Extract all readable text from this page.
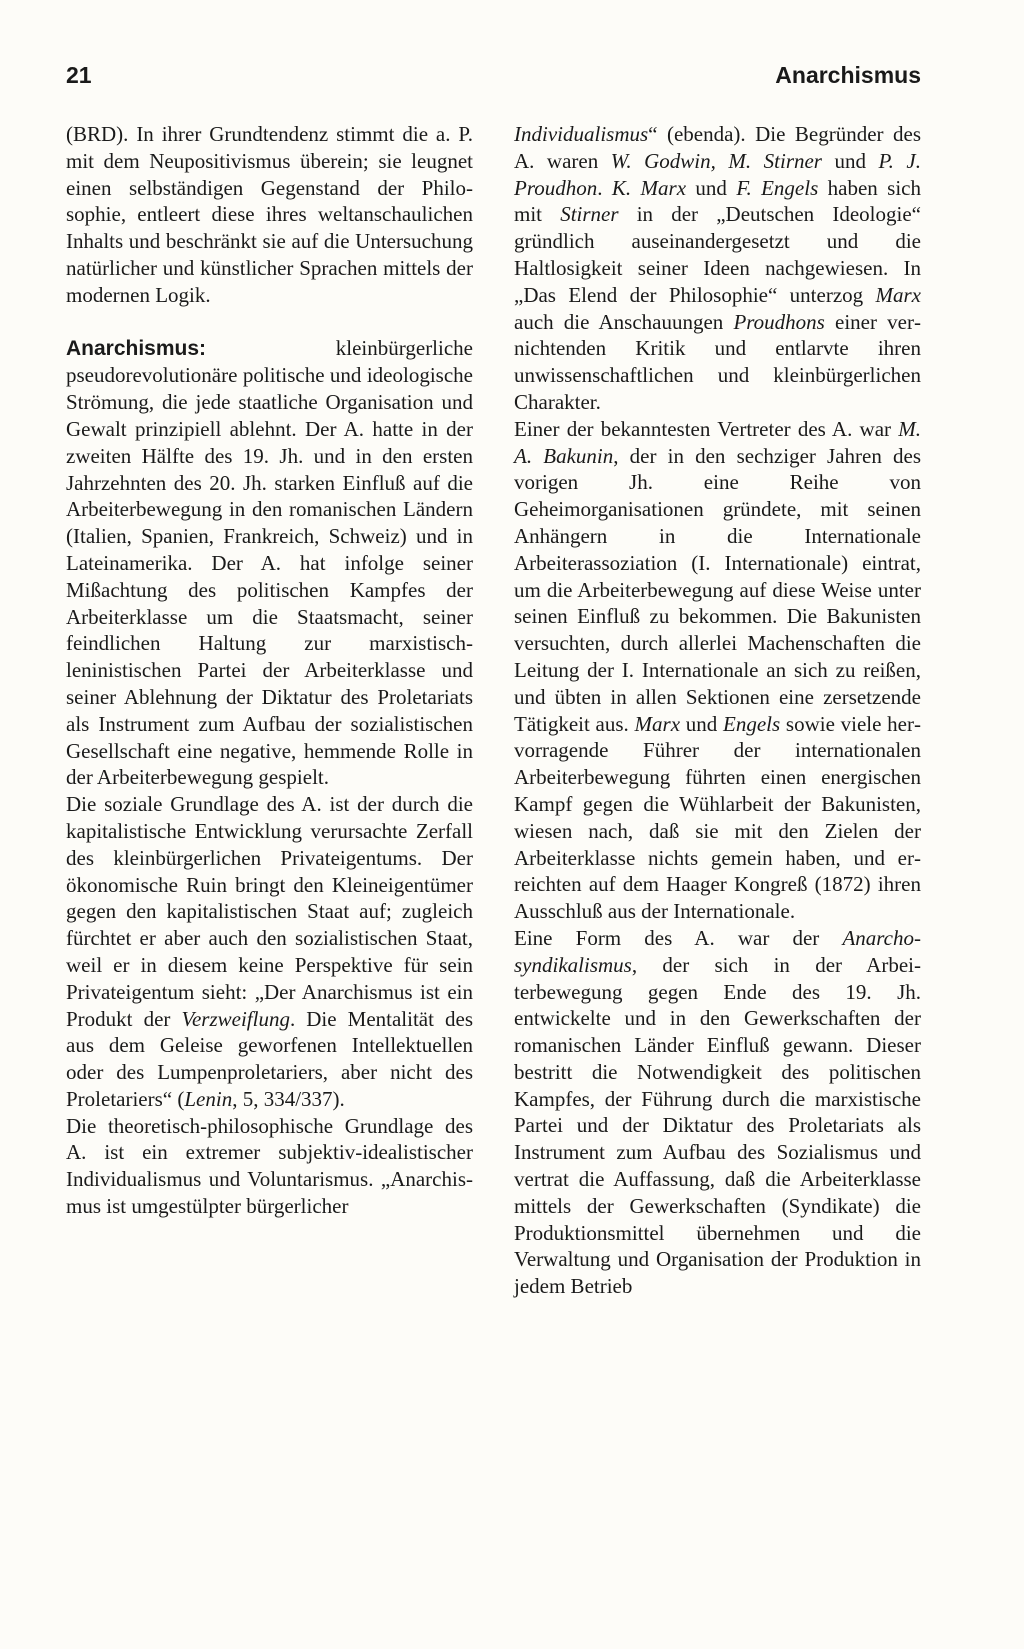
21	Anarchismus

(BRD). In ihrer Grundtendenz stimmt die a. P. mit dem Neupositivismus überein; sie leugnet einen selbständigen Gegenstand der Philosophie, entleert diese ihres weltanschaulichen Inhalts und beschränkt sie auf die Untersuchung natürlicher und künstlicher Sprachen mittels der modernen Logik.

Anarchismus: kleinbürgerliche pseudorevolutionäre politische und ideologische Strömung, die jede staatliche Organisation und Gewalt prinzipiell ablehnt. Der A. hatte in der zweiten Hälfte des 19. Jh. und in den ersten Jahrzehnten des 20. Jh. starken Einfluß auf die Arbeiterbewegung in den romanischen Ländern (Italien, Spanien, Frankreich, Schweiz) und in Lateinamerika. Der A. hat infolge seiner Mißachtung des politischen Kampfes der Arbeiterklasse um die Staatsmacht, seiner feindlichen Haltung zur marxistisch-leninistischen Partei der Arbeiterklasse und seiner Ablehnung der Diktatur des Proletariats als Instrument zum Aufbau der sozialistischen Gesellschaft eine negative, hemmende Rolle in der Arbeiterbewegung gespielt.

Die soziale Grundlage des A. ist der durch die kapitalistische Entwicklung verursachte Zerfall des kleinbürgerlichen Privateigentums. Der ökonomische Ruin bringt den Kleineigentümer gegen den kapitalistischen Staat auf; zugleich fürchtet er aber auch den sozialistischen Staat, weil er in diesem keine Perspektive für sein Privateigentum sieht: „Der Anarchismus ist ein Produkt der Verzweiflung. Die Mentalität des aus dem Geleise geworfenen Intellektuellen oder des Lumpenproletariers, aber nicht des Proletariers“ (Lenin, 5, 334/337).

Die theoretisch-philosophische Grundlage des A. ist ein extremer subjektiv-idealistischer Individualismus und Voluntarismus. „Anarchismus ist umgestülpter bürgerlicher

Individualismus“ (ebenda). Die Begründer des A. waren W. Godwin, M. Stirner und P. J. Proudhon. K. Marx und F. Engels haben sich mit Stirner in der „Deutschen Ideologie“ gründlich auseinandergesetzt und die Haltlosigkeit seiner Ideen nachgewiesen. In „Das Elend der Philosophie“ unterzog Marx auch die Anschauungen Proudhons einer vernichtenden Kritik und entlarvte ihren unwissenschaftlichen und kleinbürgerlichen Charakter.

Einer der bekanntesten Vertreter des A. war M. A. Bakunin, der in den sechziger Jahren des vorigen Jh. eine Reihe von Geheimorganisationen gründete, mit seinen Anhängern in die Internationale Arbeiterassoziation (I. Internationale) eintrat, um die Arbeiterbewegung auf diese Weise unter seinen Einfluß zu bekommen. Die Bakunisten versuchten, durch allerlei Machenschaften die Leitung der I. Internationale an sich zu reißen, und übten in allen Sektionen eine zersetzende Tätigkeit aus. Marx und Engels sowie viele hervorragende Führer der internationalen Arbeiterbewegung führten einen energischen Kampf gegen die Wühlarbeit der Bakunisten, wiesen nach, daß sie mit den Zielen der Arbeiterklasse nichts gemein haben, und erreichten auf dem Haager Kongreß (1872) ihren Ausschluß aus der Internationale.

Eine Form des A. war der Anarchosyndikalismus, der sich in der Arbeiterbewegung gegen Ende des 19. Jh. entwickelte und in den Gewerkschaften der romanischen Länder Einfluß gewann. Dieser bestritt die Notwendigkeit des politischen Kampfes, der Führung durch die marxistische Partei und der Diktatur des Proletariats als Instrument zum Aufbau des Sozialismus und vertrat die Auffassung, daß die Arbeiterklasse mittels der Gewerkschaften (Syndikate) die Produktionsmittel übernehmen und die Verwaltung und Organisation der Produktion in jedem Betrieb
